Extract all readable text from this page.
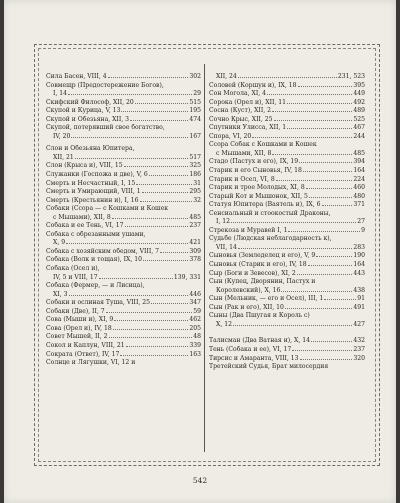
Сила Басен, VIII, 4	302
Совмещр (Предостережение Богов),
I, 14	29
Скифский Философ, XII, 20	515
Скупой и Курица, V, 13	195
Скупой и Обезьяна, XII, 3	474
Скупой, потерявший свое богатство,
IV, 20	167
Слон и Обезьяна Юпитера,
XII, 21	517
Слон (Крыса и), VIII, 15	325
Служанки (Госпожа и две), V, 6	186
Смерть и Несчастный, I, 15	31
Смерть и Умирающий, VIII, 1	295
Смерть (Крестьянин и), I, 16	32
Собаки (Ссора — с Кошками и Кошек
с Мышами), XII, 8	485
Собака и ее Тень, VI, 17	237
Собака с обрезанными ушами,
X, 9	421
Собака с хозяйским обедом, VIII, 7	309
Собака (Волк и тощая), IX, 10	378
Собака (Осел и),
IV, 5 и VIII, 17	139, 331
Собака (Фермер, — и Лисица),
XI, 3	446
Собаки и ослиная Туша, VIII, 25	347
Собаки (Две), II, 7	59
Сова (Мыши и), XI, 9	462
Сова (Орел и), IV, 18	205
Совет Мышей, II, 2	48
Сокол и Каплун, VIII, 21	339
Сократа (Ответ), IV, 17	163
Солнце и Лягушки, VI, 12 и
XII, 24	231, 523
Соловей (Коршун и), IX, 18	395
Сон Могола, XI, 4	449
Сорока (Орел и), XII, 11	492
Сосна (Куст), XII, 2	489
Сочно Крыс, XII, 25	525
Спутники Улисса, XII, 1	467
Спора, VI, 20	244
Ссора Собак с Кошками и Кошек
с Мышами, XII, 8	485
Стадо (Пастух и его), IX, 19	394
Старик и его Сыновья, IV, 18	164
Старик и Осел, VI, 8	224
Старик и трое Молодых, XI, 8	460
Старый Кот и Мышонок, XII, 5	480
Статуя Юпитера (Ваятель и), IX, 6	371
Сенсиальный и стоокостый Драконы,
I, 12	27
Стрекоза и Муравей I, 1	9
Судьбе (Людская неблагодарность к),
VII, 14	283
Сыновья (Земледелец и его), V, 9	190
Сыновья (Старик и его), IV, 18	164
Сыр (Боги и Зевесов), XI, 2	443
Сын (Купец, Дворянин, Пастух и
Королевский), X, 16	438
Сын (Мельник, — его и Осел), III, 1	91
Сын (Рак и его), XII, 10	491
Сыны (Два Пшугая и Король с)
X, 12	427
Талисман (Два Ватная и), X, 14	432
Тень (Собака и ее), VI, 17	237
Тирсис и Амаранта, VIII, 13	320
Третейский Судья, Брат милосердия
542
